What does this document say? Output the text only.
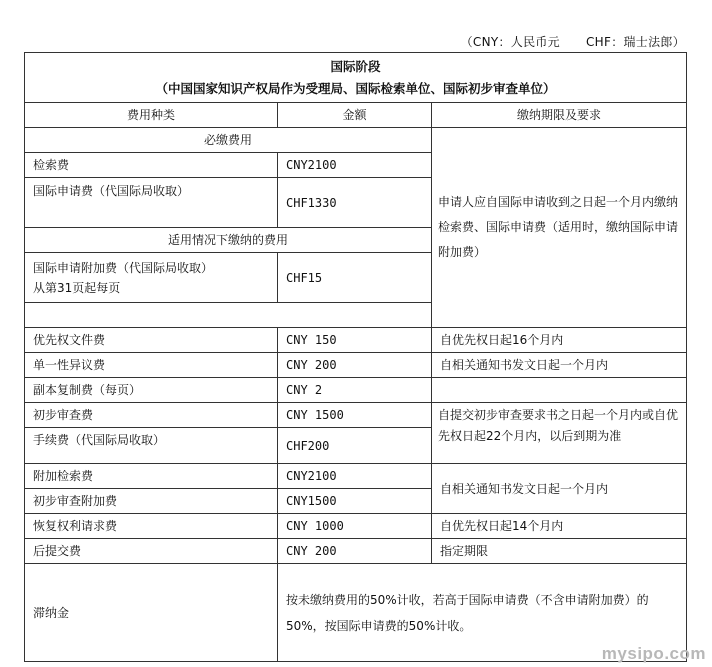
（CNY：人民币元 CHF：瑞士法郎）
国际阶段
（中国国家知识产权局作为受理局、国际检索单位、国际初步审查单位）		

费用种类	金额	缴纳期限及要求
必缴费用		申请人应自国际申请收到之日起一个月内缴纳检索费、国际申请费（适用时，缴纳国际申请附加费）
检索费	CNY2100	
国际申请费（代国际局收取）	CHF1330	
适用情况下缴纳的费用		

国际申请附加费（代国际局收取）
从第31页起每页	CHF15	

优先权文件费	CNY 150	自优先权日起16个月内
单一性异议费	CNY 200	自相关通知书发文日起一个月内
副本复制费（每页）	CNY 2	
初步审查费	CNY 1500	自提交初步审查要求书之日起一个月内或自优先权日起22个月内，以后到期为准
手续费（代国际局收取）	CHF200	
附加检索费	CNY2100	自相关通知书发文日起一个月内
初步审查附加费	CNY1500	
恢复权利请求费	CNY 1000	自优先权日起14个月内
后提交费	CNY 200	指定期限
滞纳金	按未缴纳费用的50%计收，若高于国际申请费（不含申请附加费）的50%，按国际申请费的50%计收。	
mysipo.com
